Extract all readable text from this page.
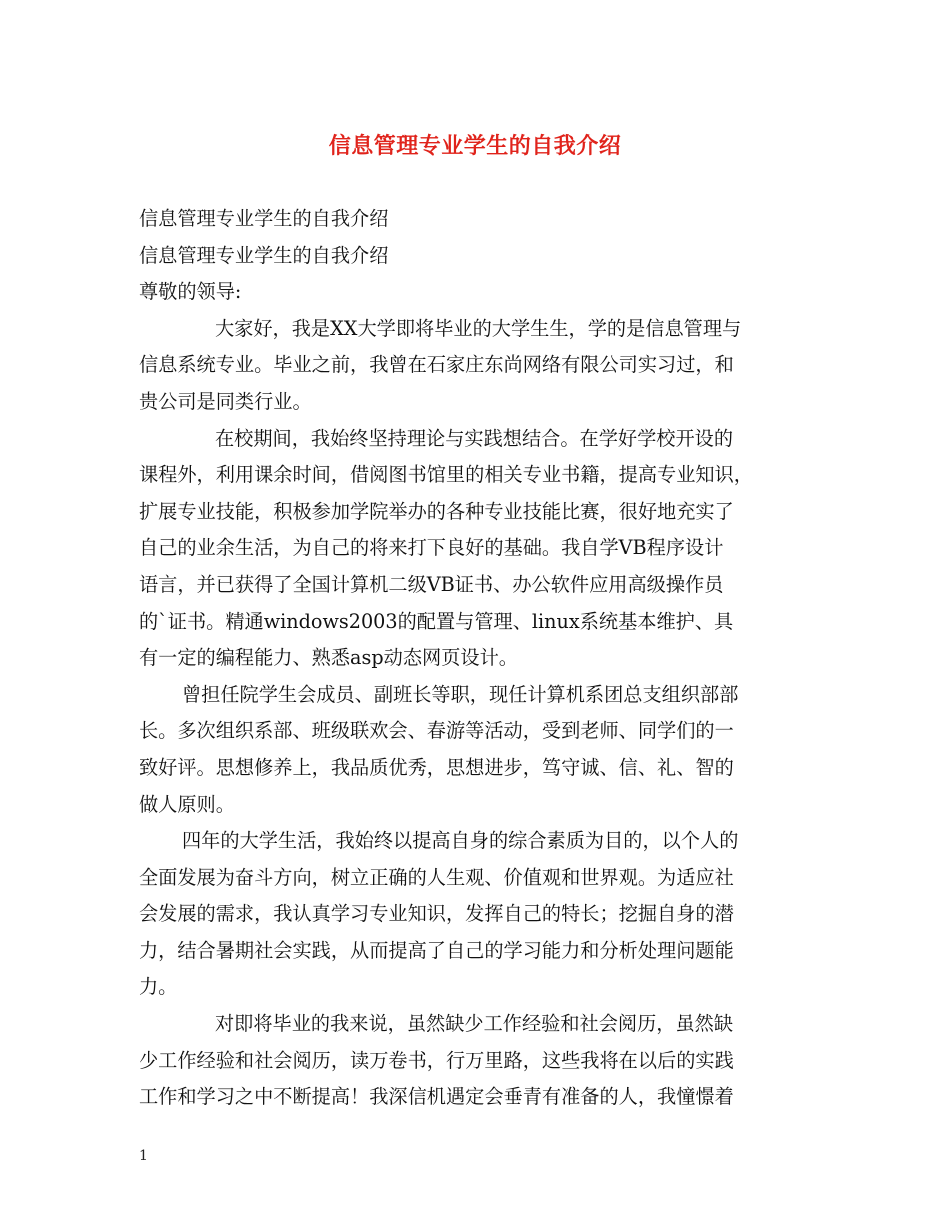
信息管理专业学生的自我介绍
信息管理专业学生的自我介绍
信息管理专业学生的自我介绍
尊敬的领导:
大家好，我是XX大学即将毕业的大学生生，学的是信息管理与
信息系统专业。毕业之前，我曾在石家庄东尚网络有限公司实习过，和
贵公司是同类行业。
在校期间，我始终坚持理论与实践想结合。在学好学校开设的
课程外，利用课余时间，借阅图书馆里的相关专业书籍，提高专业知识，
扩展专业技能，积极参加学院举办的各种专业技能比赛，很好地充实了
自己的业余生活，为自己的将来打下良好的基础。我自学VB程序设计
语言，并已获得了全国计算机二级VB证书、办公软件应用高级操作员
的`证书。精通windows2003的配置与管理、linux系统基本维护、具
有一定的编程能力、熟悉asp动态网页设计。
曾担任院学生会成员、副班长等职，现任计算机系团总支组织部部
长。多次组织系部、班级联欢会、春游等活动，受到老师、同学们的一
致好评。思想修养上，我品质优秀，思想进步，笃守诚、信、礼、智的
做人原则。
四年的大学生活，我始终以提高自身的综合素质为目的，以个人的
全面发展为奋斗方向，树立正确的人生观、价值观和世界观。为适应社
会发展的需求，我认真学习专业知识，发挥自己的特长；挖掘自身的潜
力，结合暑期社会实践，从而提高了自己的学习能力和分析处理问题能
力。
对即将毕业的我来说，虽然缺少工作经验和社会阅历，虽然缺
少工作经验和社会阅历，读万卷书，行万里路，这些我将在以后的实践
工作和学习之中不断提高！我深信机遇定会垂青有准备的人，我憧憬着
1
